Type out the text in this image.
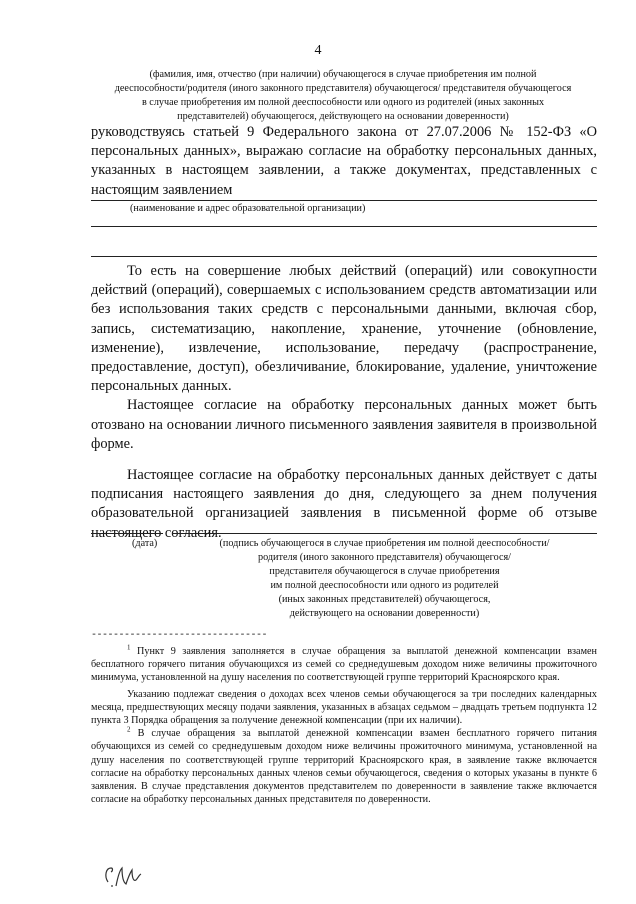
4
(фамилия, имя, отчество (при наличии) обучающегося в случае приобретения им полной
дееспособности/родителя (иного законного представителя) обучающегося/ представителя обучающегося
в случае приобретения им полной дееспособности или одного из родителей (иных законных
представителей) обучающегося, действующего на основании доверенности)

руководствуясь статьей 9 Федерального закона от 27.07.2006 № 152-ФЗ «О персональных данных», выражаю согласие на обработку персональных данных, указанных в настоящем заявлении, а также документах, представленных с настоящим заявлением

(наименование и адрес образовательной организации)

То есть на совершение любых действий (операций) или совокупности действий (операций), совершаемых с использованием средств автоматизации или без использования таких средств с персональными данными, включая сбор, запись, систематизацию, накопление, хранение, уточнение (обновление, изменение), извлечение, использование, передачу (распространение, предоставление, доступ), обезличивание, блокирование, удаление, уничтожение персональных данных.

Настоящее согласие на обработку персональных данных может быть отозвано на основании личного письменного заявления заявителя в произвольной форме.

Настоящее согласие на обработку персональных данных действует с даты подписания настоящего заявления до дня, следующего за днем получения образовательной организацией заявления в письменной форме об отзыве настоящего согласия.

(дата)	(подпись обучающегося в случае приобретения им полной дееспособности/
родителя (иного законного представителя) обучающегося/
представителя обучающегося в случае приобретения
им полной дееспособности или одного из родителей
(иных законных представителей) обучающегося,
действующего на основании доверенности)
--------------------------------

$^1$ Пункт 9 заявления заполняется в случае обращения за выплатой денежной компенсации взамен бесплатного горячего питания обучающихся из семей со среднедушевым доходом ниже величины прожиточного минимума, установленной на душу населения по соответствующей группе территорий Красноярского края.

Указанию подлежат сведения о доходах всех членов семьи обучающегося за три последних календарных месяца, предшествующих месяцу подачи заявления, указанных в абзацах седьмом – двадцать третьем подпункта 12 пункта 3 Порядка обращения за получение денежной компенсации (при их наличии).

$^2$ В случае обращения за выплатой денежной компенсации взамен бесплатного горячего питания обучающихся из семей со среднедушевым доходом ниже величины прожиточного минимума, установленной на душу населения по соответствующей группе территорий Красноярского края, в заявление также включается согласие на обработку персональных данных членов семьи обучающегося, сведения о которых указаны в пункте 6 заявления. В случае представления документов представителем по доверенности в заявление также включается согласие на обработку персональных данных представителя по доверенности.
